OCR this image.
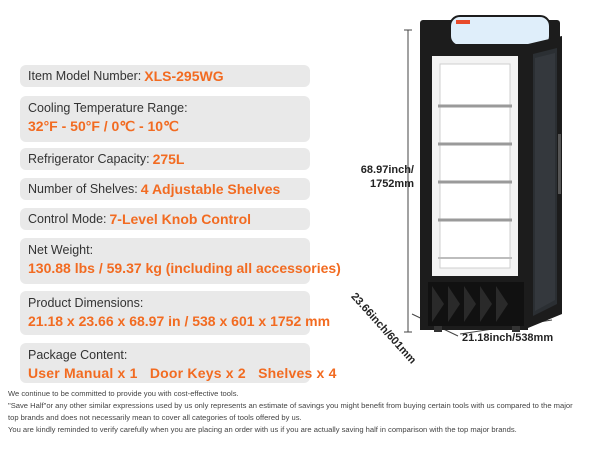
Item Model Number: XLS-295WG
Cooling Temperature Range:
32°F - 50°F / 0℃ - 10℃
Refrigerator Capacity: 275L
Number of Shelves: 4 Adjustable Shelves
Control Mode: 7-Level Knob Control
Net Weight:
130.88 lbs / 59.37 kg (including all accessories)
Product Dimensions:
21.18 x 23.66 x 68.97 in / 538 x 601 x 1752 mm
Package Content:
User Manual x 1   Door Keys x 2   Shelves x 4
68.97inch/
1752mm
23.66inch/601mm	21.18inch/538mm
We continue to be committed to provide you with cost-effective tools.
"Save Half"or any other similar expressions used by us only represents an estimate of savings you might benefit from buying certain tools with us compared to the major
top brands and does not necessarily mean to cover all categories of tools offered by us.
You are kindly reminded to verify carefully when you are placing an order with us if you are actually saving half in comparison with the top major brands.
